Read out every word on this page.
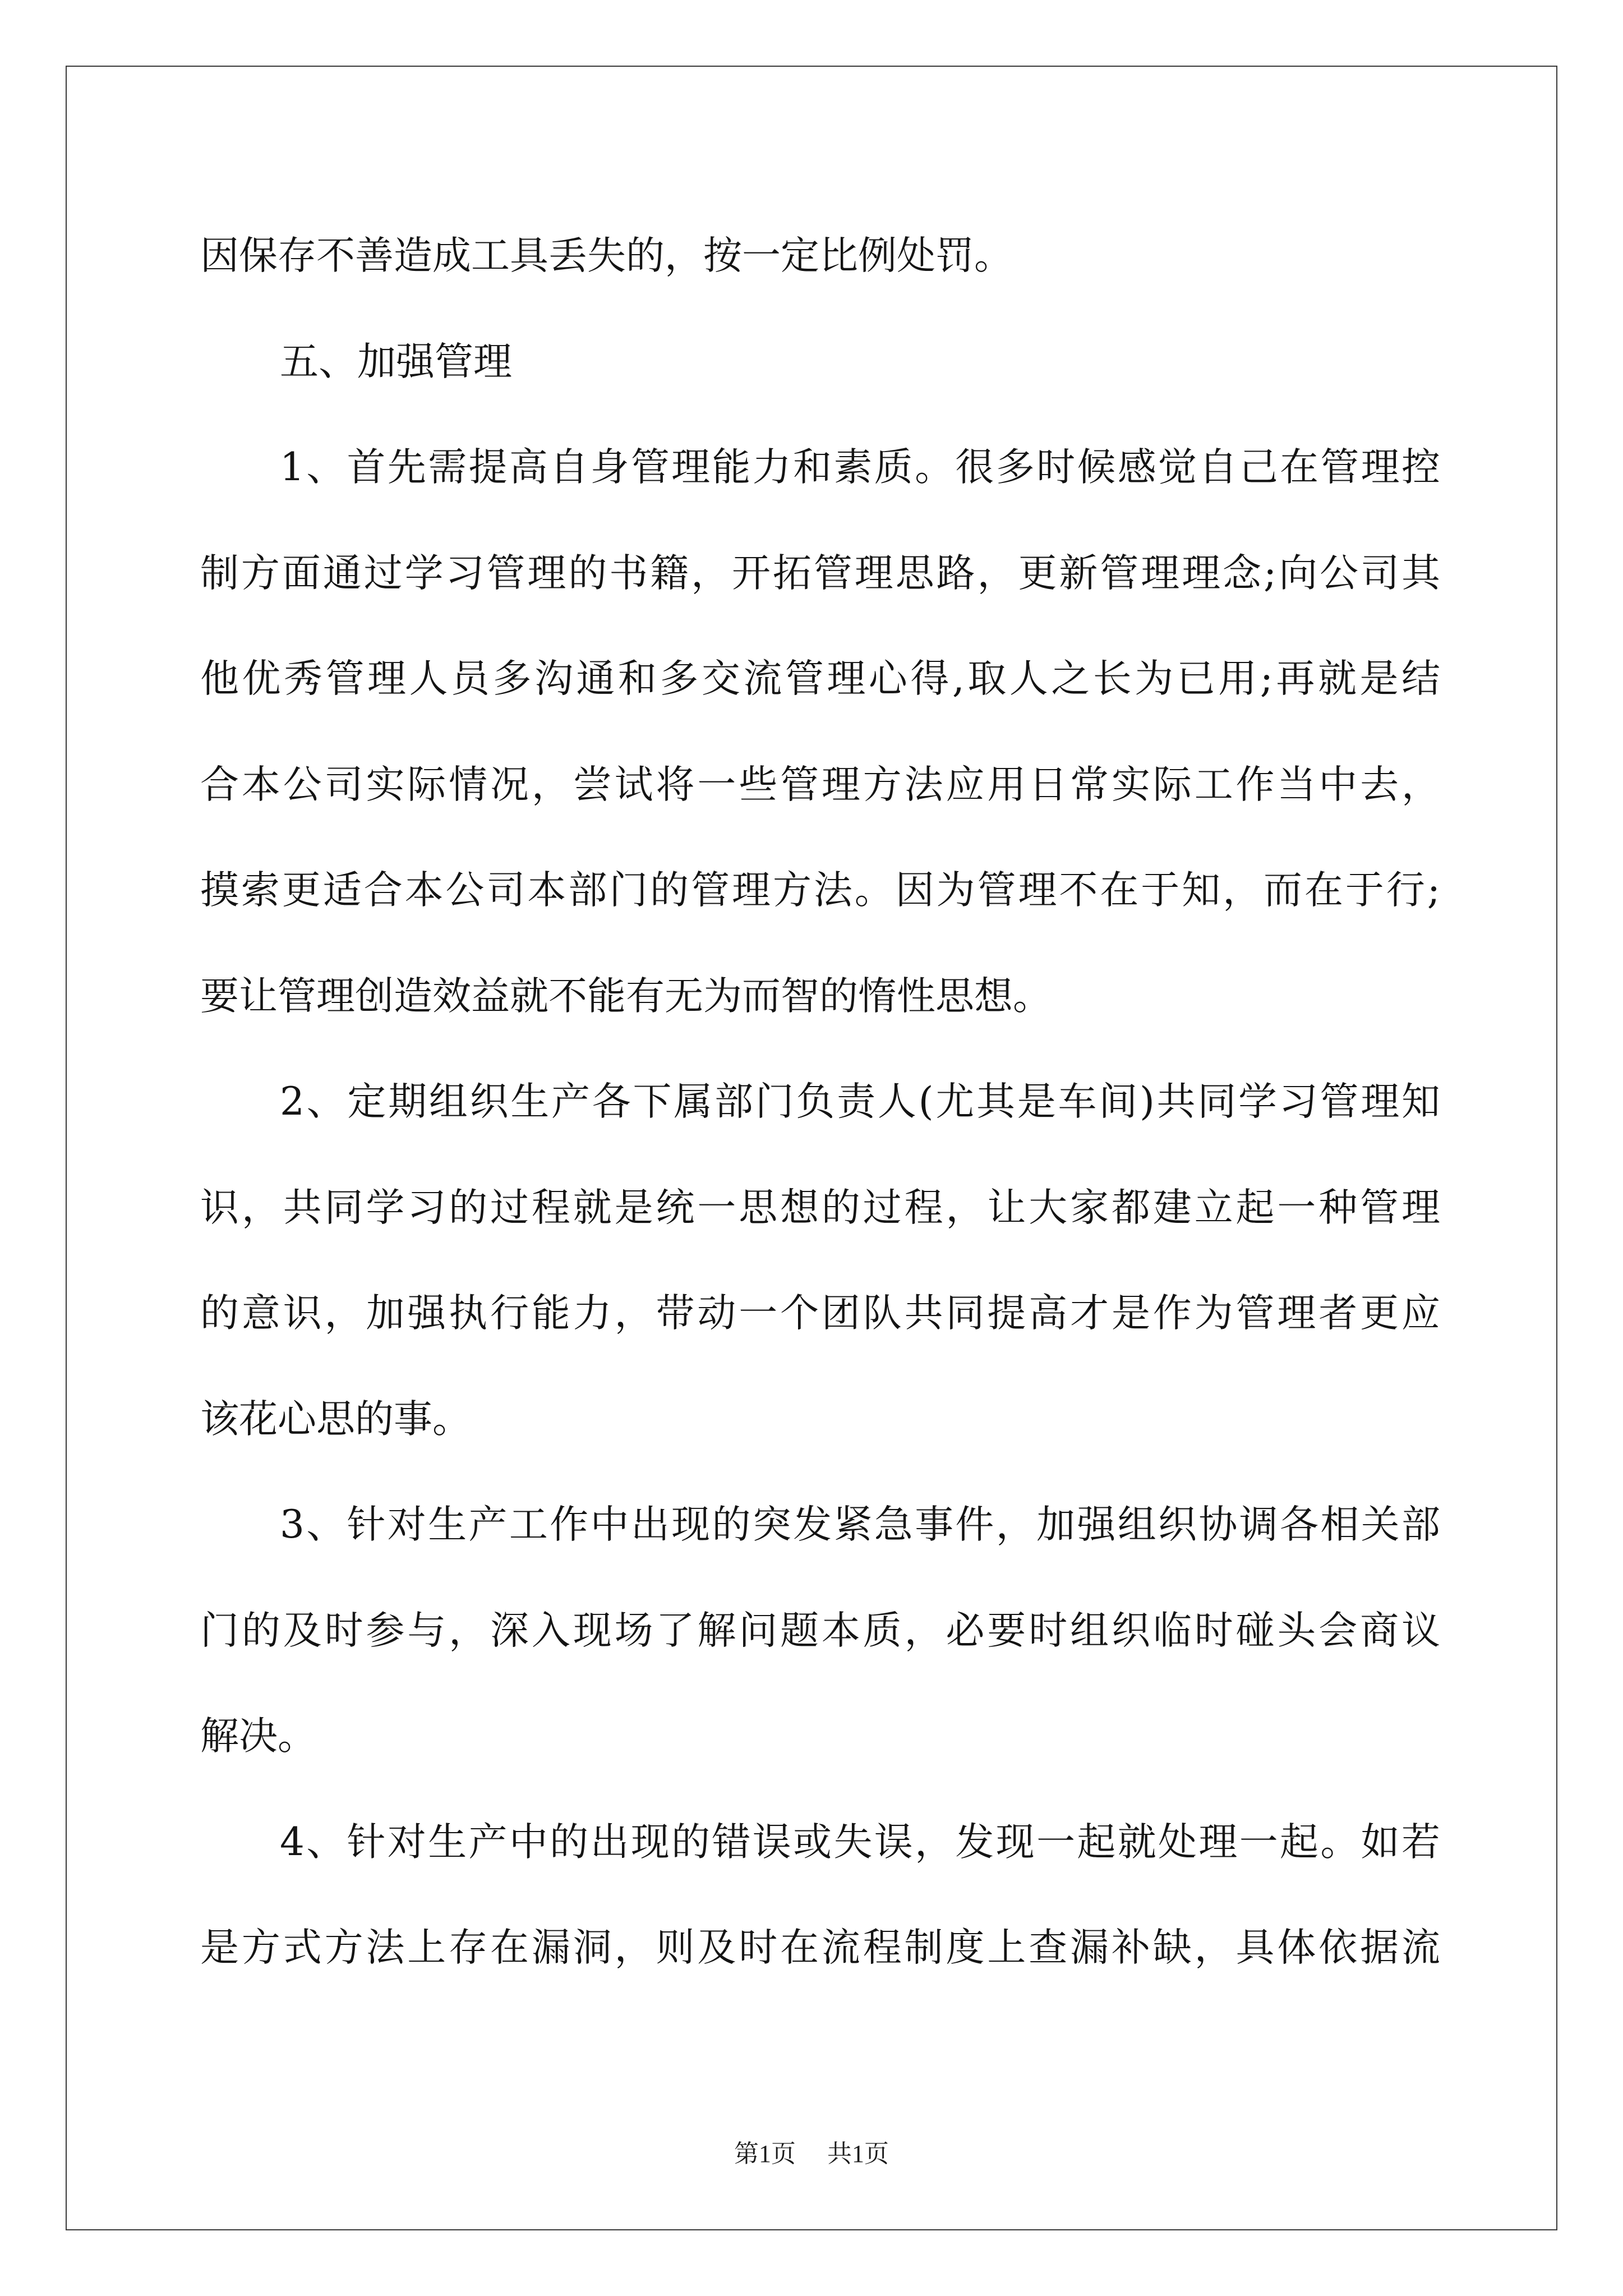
因保存不善造成工具丢失的，按一定比例处罚。
五、加强管理
1、首先需提高自身管理能力和素质。很多时候感觉自己在管理控
制方面通过学习管理的书籍，开拓管理思路，更新管理理念;向公司其
他优秀管理人员多沟通和多交流管理心得,取人之长为已用;再就是结
合本公司实际情况，尝试将一些管理方法应用日常实际工作当中去，
摸索更适合本公司本部门的管理方法。因为管理不在于知，而在于行;
要让管理创造效益就不能有无为而智的惰性思想。
2、定期组织生产各下属部门负责人(尤其是车间)共同学习管理知
识，共同学习的过程就是统一思想的过程，让大家都建立起一种管理
的意识，加强执行能力，带动一个团队共同提高才是作为管理者更应
该花心思的事。
3、针对生产工作中出现的突发紧急事件，加强组织协调各相关部
门的及时参与，深入现场了解问题本质，必要时组织临时碰头会商议
解决。
4、针对生产中的出现的错误或失误，发现一起就处理一起。如若
是方式方法上存在漏洞，则及时在流程制度上查漏补缺，具体依据流
第1页 共1页
